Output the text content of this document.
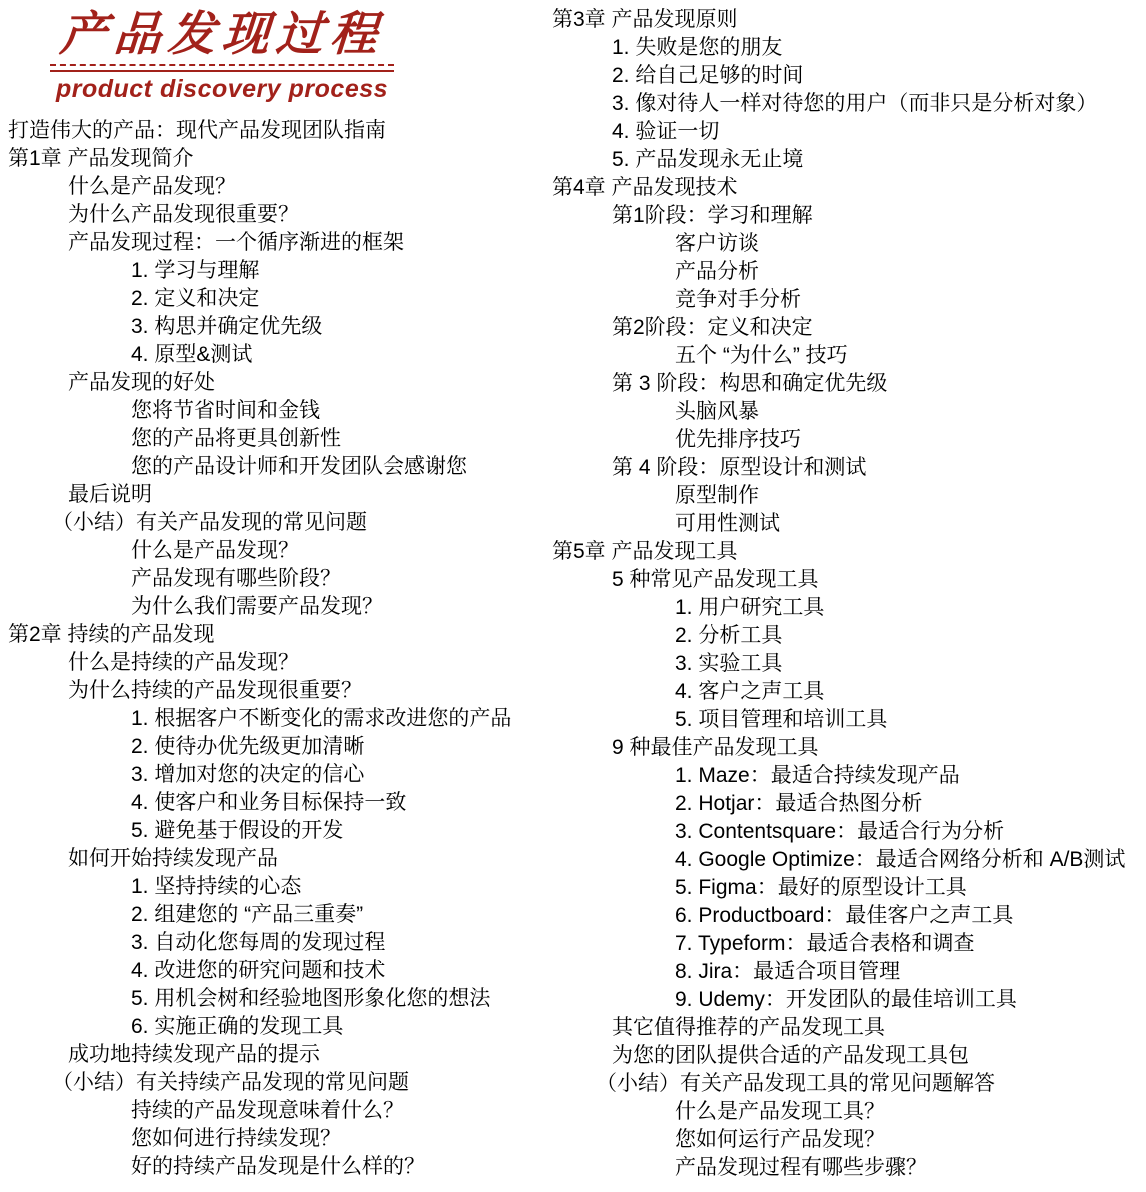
产品发现过程
product discovery process
打造伟大的产品：现代产品发现团队指南
第1章 产品发现简介
什么是产品发现？
为什么产品发现很重要？
产品发现过程：一个循序渐进的框架
1. 学习与理解
2. 定义和决定
3. 构思并确定优先级
4. 原型&测试
产品发现的好处
您将节省时间和金钱
您的产品将更具创新性
您的产品设计师和开发团队会感谢您
最后说明
（小结）有关产品发现的常见问题
什么是产品发现？
产品发现有哪些阶段？
为什么我们需要产品发现？
第2章 持续的产品发现
什么是持续的产品发现？
为什么持续的产品发现很重要？
1. 根据客户不断变化的需求改进您的产品
2. 使待办优先级更加清晰
3. 增加对您的决定的信心
4. 使客户和业务目标保持一致
5. 避免基于假设的开发
如何开始持续发现产品
1. 坚持持续的心态
2. 组建您的 “产品三重奏”
3. 自动化您每周的发现过程
4. 改进您的研究问题和技术
5. 用机会树和经验地图形象化您的想法
6. 实施正确的发现工具
成功地持续发现产品的提示
（小结）有关持续产品发现的常见问题
持续的产品发现意味着什么？
您如何进行持续发现？
好的持续产品发现是什么样的？
第3章 产品发现原则
1. 失败是您的朋友
2. 给自己足够的时间
3. 像对待人一样对待您的用户（而非只是分析对象）
4. 验证一切
5. 产品发现永无止境
第4章 产品发现技术
第1阶段：学习和理解
客户访谈
产品分析
竞争对手分析
第2阶段：定义和决定
五个 “为什么” 技巧
第 3 阶段：构思和确定优先级
头脑风暴
优先排序技巧
第 4 阶段：原型设计和测试
原型制作
可用性测试
第5章 产品发现工具
5 种常见产品发现工具
1. 用户研究工具
2. 分析工具
3. 实验工具
4. 客户之声工具
5. 项目管理和培训工具
9 种最佳产品发现工具
1. Maze：最适合持续发现产品
2. Hotjar：最适合热图分析
3. Contentsquare：最适合行为分析
4. Google Optimize：最适合网络分析和 A/B测试
5. Figma：最好的原型设计工具
6. Productboard：最佳客户之声工具
7. Typeform：最适合表格和调查
8. Jira：最适合项目管理
9. Udemy：开发团队的最佳培训工具
其它值得推荐的产品发现工具
为您的团队提供合适的产品发现工具包
（小结）有关产品发现工具的常见问题解答
什么是产品发现工具？
您如何运行产品发现？
产品发现过程有哪些步骤？
